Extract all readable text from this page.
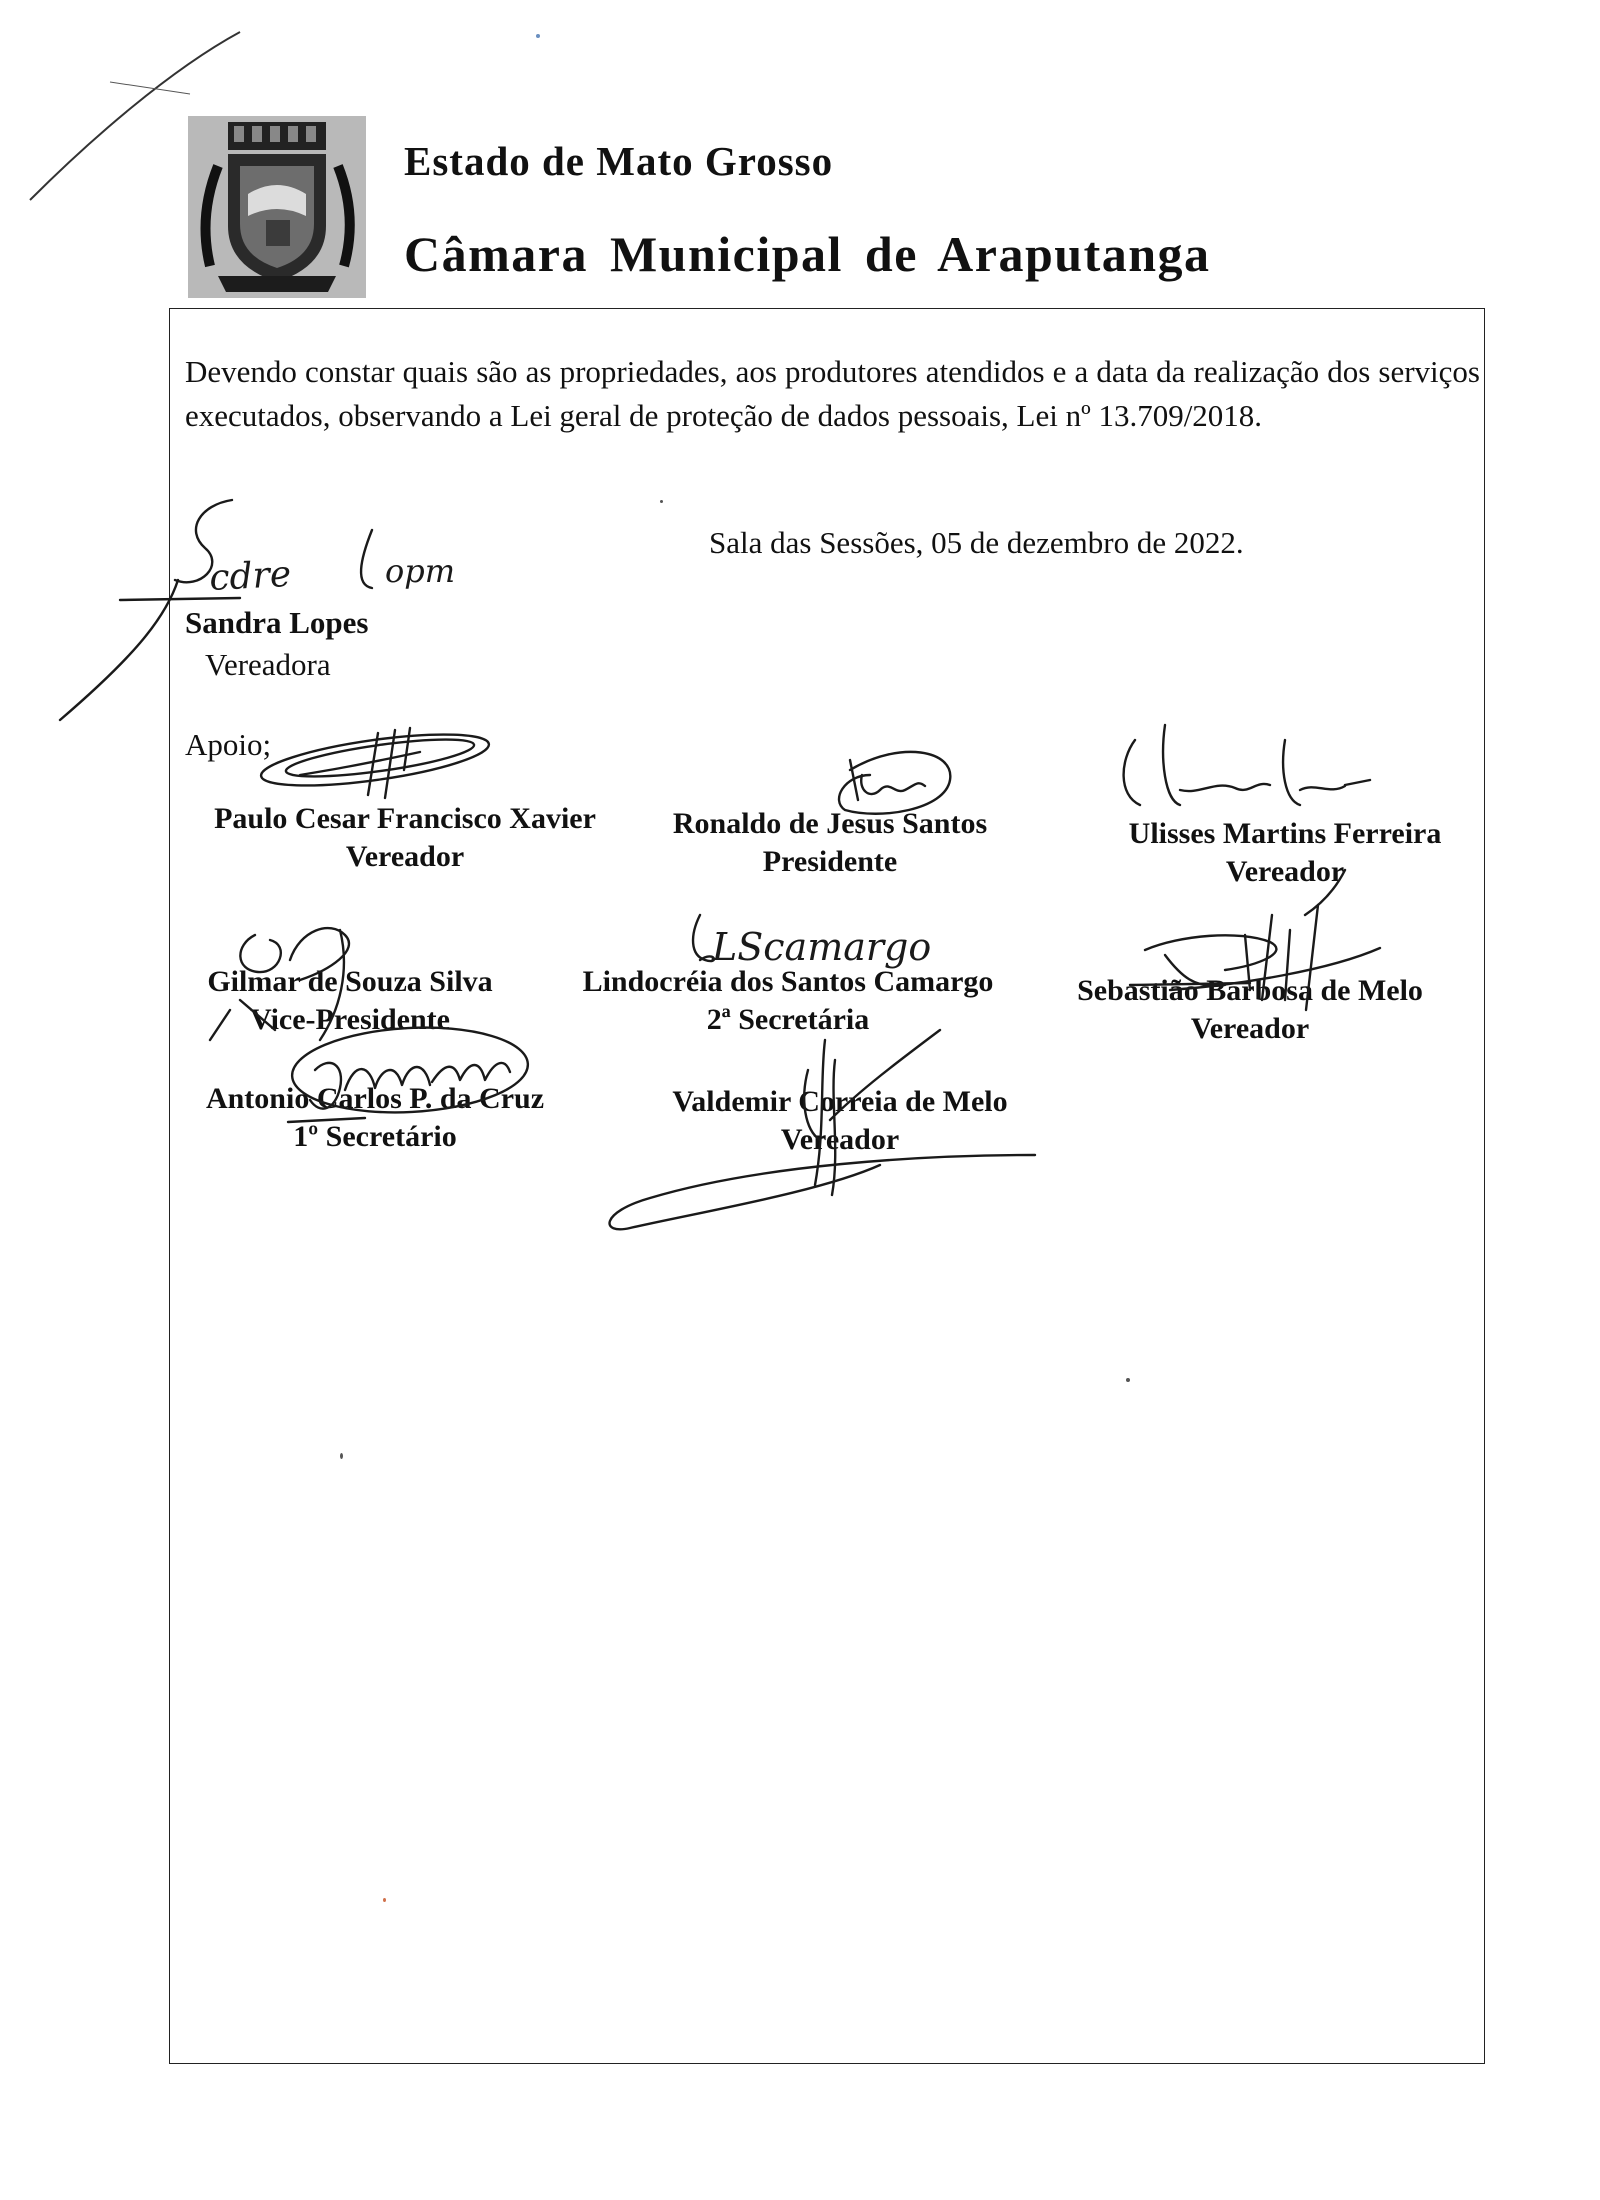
Estado de Mato Grosso
Câmara Municipal de Araputanga
Devendo constar quais são as propriedades, aos produtores atendidos e a data da realização dos serviços executados, observando a Lei geral de proteção de dados pessoais, Lei nº 13.709/2018.
Sala das Sessões, 05 de dezembro de 2022.
Sandra Lopes
Vereadora
Apoio;
Paulo Cesar Francisco Xavier
Vereador
Ronaldo de Jesus Santos
Presidente
Ulisses Martins Ferreira
Vereador
Gilmar de Souza Silva
Vice-Presidente
Lindocréia dos Santos Camargo
2ª Secretária
Sebastião Barbosa de Melo
Vereador
Antonio Carlos P. da Cruz
1º Secretário
Valdemir Correia de Melo
Vereador
cdre	opm
LScamargo
